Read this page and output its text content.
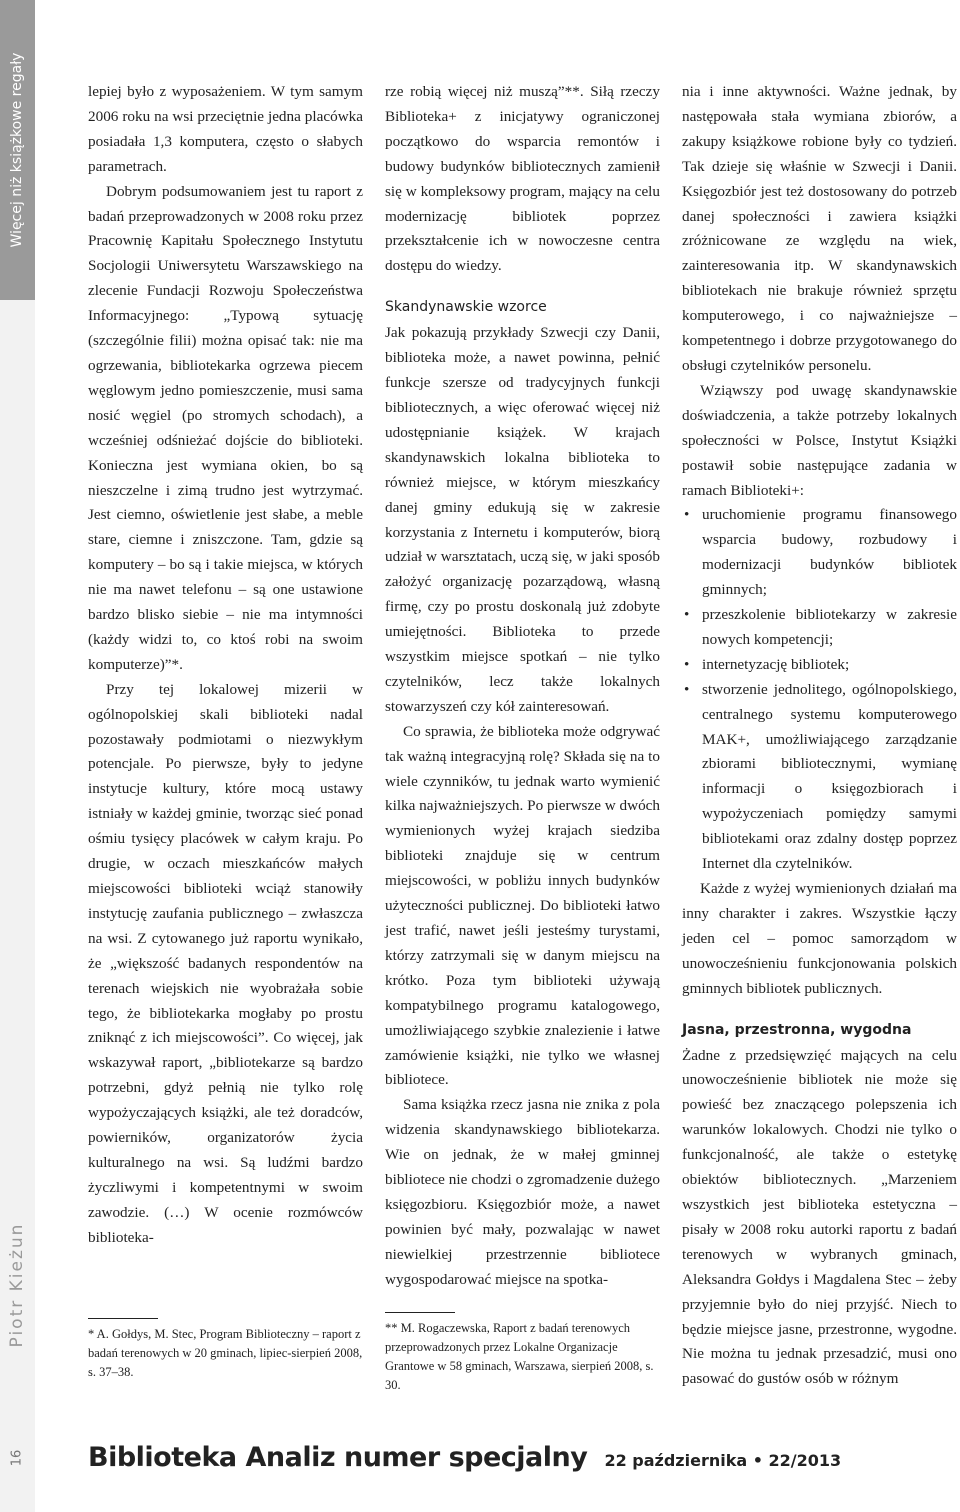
Więcej niż książkowe regały
Piotr Kieżun
16

lepiej było z wyposażeniem. W tym samym 2006 roku na wsi przeciętnie jedna placówka posiadała 1,3 komputera, często o słabych parametrach.

Dobrym podsumowaniem jest tu raport z badań przeprowadzonych w 2008 roku przez Pracownię Kapitału Społecznego Instytutu Socjologii Uniwersytetu Warszawskiego na zlecenie Fundacji Rozwoju Społeczeństwa Informacyjnego: „Typową sytuację (szczególnie filii) można opisać tak: nie ma ogrzewania, bibliotekarka ogrzewa piecem węglowym jedno pomieszczenie, musi sama nosić węgiel (po stromych schodach), a wcześniej odśnieżać dojście do biblioteki. Konieczna jest wymiana okien, bo są nieszczelne i zimą trudno jest wytrzymać. Jest ciemno, oświetlenie jest słabe, a meble stare, ciemne i zniszczone. Tam, gdzie są komputery – bo są i takie miejsca, w których nie ma nawet telefonu – są one ustawione bardzo blisko siebie – nie ma intymności (każdy widzi to, co ktoś robi na swoim komputerze)”*.

Przy tej lokalowej mizerii w ogólnopolskiej skali biblioteki nadal pozostawały podmiotami o niezwykłym potencjale. Po pierwsze, były to jedyne instytucje kultury, które mocą ustawy istniały w każdej gminie, tworząc sieć ponad ośmiu tysięcy placówek w całym kraju. Po drugie, w oczach mieszkańców małych miejscowości biblioteki wciąż stanowiły instytucję zaufania publicznego – zwłaszcza na wsi. Z cytowanego już raportu wynikało, że „większość badanych respondentów na terenach wiejskich nie wyobrażała sobie tego, że bibliotekarka mogłaby po prostu zniknąć z ich miejscowości”. Co więcej, jak wskazywał raport, „bibliotekarze są bardzo potrzebni, gdyż pełnią nie tylko rolę wypożyczających książki, ale też doradców, powierników, organizatorów życia kulturalnego na wsi. Są ludźmi bardzo życzliwymi i kompetentnymi w swoim zawodzie. (…) W ocenie rozmówców biblioteka-

rze robią więcej niż muszą”**. Siłą rzeczy Biblioteka+ z inicjatywy ograniczonej początkowo do wsparcia remontów i budowy budynków bibliotecznych zamienił się w kompleksowy program, mający na celu modernizację bibliotek poprzez przekształcenie ich w nowoczesne centra dostępu do wiedzy.

Skandynawskie wzorce

Jak pokazują przykłady Szwecji czy Danii, biblioteka może, a nawet powinna, pełnić funkcje szersze od tradycyjnych funkcji bibliotecznych, a więc oferować więcej niż udostępnianie książek. W krajach skandynawskich lokalna biblioteka to również miejsce, w którym mieszkańcy danej gminy edukują się w zakresie korzystania z Internetu i komputerów, biorą udział w warsztatach, uczą się, w jaki sposób założyć organizację pozarządową, własną firmę, czy po prostu doskonalą już zdobyte umiejętności. Biblioteka to przede wszystkim miejsce spotkań – nie tylko czytelników, lecz także lokalnych stowarzyszeń czy kół zainteresowań.

Co sprawia, że biblioteka może odgrywać tak ważną integracyjną rolę? Składa się na to wiele czynników, tu jednak warto wymienić kilka najważniejszych. Po pierwsze w dwóch wymienionych wyżej krajach siedziba biblioteki znajduje się w centrum miejscowości, w pobliżu innych budynków użyteczności publicznej. Do biblioteki łatwo jest trafić, nawet jeśli jesteśmy turystami, którzy zatrzymali się w danym miejscu na krótko. Poza tym biblioteki używają kompatybilnego programu katalogowego, umożliwiającego szybkie znalezienie i łatwe zamówienie książki, nie tylko we własnej bibliotece.

Sama książka rzecz jasna nie znika z pola widzenia skandynawskiego bibliotekarza. Wie on jednak, że w małej gminnej bibliotece nie chodzi o zgromadzenie dużego księgozbioru. Księgozbiór może, a nawet powinien być mały, pozwalając w nawet niewielkiej przestrzennie bibliotece wygospodarować miejsce na spotka-

nia i inne aktywności. Ważne jednak, by następowała stała wymiana zbiorów, a zakupy książkowe robione były co tydzień. Tak dzieje się właśnie w Szwecji i Danii. Księgozbiór jest też dostosowany do potrzeb danej społeczności i zawiera książki zróżnicowane ze względu na wiek, zainteresowania itp. W skandynawskich bibliotekach nie brakuje również sprzętu komputerowego, i co najważniejsze – kompetentnego i dobrze przygotowanego do obsługi czytelników personelu.

Wziąwszy pod uwagę skandynawskie doświadczenia, a także potrzeby lokalnych społeczności w Polsce, Instytut Książki postawił sobie następujące zadania w ramach Biblioteki+:

• uruchomienie programu finansowego wsparcia budowy, rozbudowy i modernizacji budynków bibliotek gminnych;
• przeszkolenie bibliotekarzy w zakresie nowych kompetencji;
• internetyzację bibliotek;
• stworzenie jednolitego, ogólnopolskiego, centralnego systemu komputerowego MAK+, umożliwiającego zarządzanie zbiorami bibliotecznymi, wymianę informacji o księgozbiorach i wypożyczeniach pomiędzy samymi bibliotekami oraz zdalny dostęp poprzez Internet dla czytelników.

Każde z wyżej wymienionych działań ma inny charakter i zakres. Wszystkie łączy jeden cel – pomoc samorządom w unowocześnieniu funkcjonowania polskich gminnych bibliotek publicznych.

Jasna, przestronna, wygodna

Żadne z przedsięwzięć mających na celu unowocześnienie bibliotek nie może się powieść bez znaczącego polepszenia ich warunków lokalowych. Chodzi nie tylko o funkcjonalność, ale także o estetykę obiektów bibliotecznych. „Marzeniem wszystkich jest biblioteka estetyczna – pisały w 2008 roku autorki raportu z badań terenowych w wybranych gminach, Aleksandra Gołdys i Magdalena Stec – żeby przyjemnie było do niej przyjść. Niech to będzie miejsce jasne, przestronne, wygodne. Nie można tu jednak przesadzić, musi ono pasować do gustów osób w różnym

* A. Gołdys, M. Stec, Program Biblioteczny – raport z badań terenowych w 20 gminach, lipiec-sierpień 2008, s. 37–38.
** M. Rogaczewska, Raport z badań terenowych przeprowadzonych przez Lokalne Organizacje Grantowe w 58 gminach, Warszawa, sierpień 2008, s. 30.
Biblioteka Analiz numer specjalny 22 października • 22/2013
